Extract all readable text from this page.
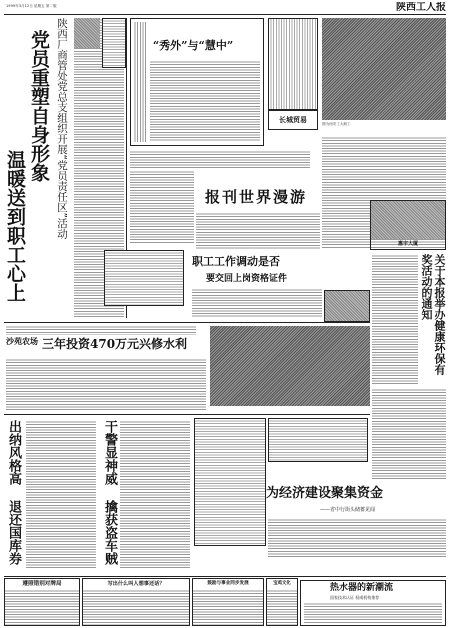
1999年3月12日 星期五 第二版	陕西工人报
党员重塑自身形象
温暖送到职工心上	陕西厂商管处党总支组织开展“党员责任区”活动	“秀外”与“慧中”
长城贸易	图为西安工大职工
报刊世界漫游
惠宇大厦
职工工作调动是否
要交回上岗资格证件	关于本报举办健康环保有奖活动的通知
沙苑农场 三年投资470万元兴修水利
出纳风格高
退还国库券
干警显神威
擒获盗车贼
为经济建设聚集资金
——省中行街头储蓄见闻
热水器的新潮流
国家技术认证 权威机构推荐
遵照错别对牌局	写出什么叫人想事还话？	鼓励与事业同步发展	宝鸡文化
